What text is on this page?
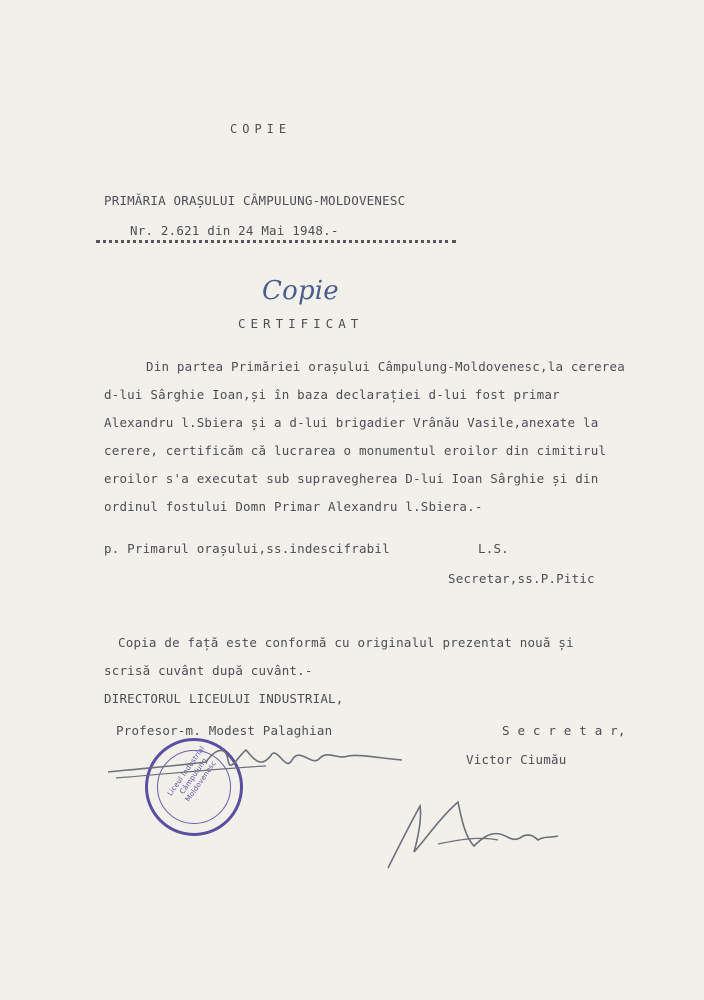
COPIE
PRIMĂRIA ORAȘULUI CÂMPULUNG-MOLDOVENESC
Nr. 2.621 din 24 Mai 1948.-
Copie
CERTIFICAT
Din partea Primăriei orașului Câmpulung-Moldovenesc,la cererea
d-lui Sârghie Ioan,și în baza declarației d-lui fost primar
Alexandru l.Sbiera și a d-lui brigadier Vrânău Vasile,anexate la
cerere, certificăm că lucrarea o monumentul eroilor din cimitirul
eroilor s'a executat sub supravegherea D-lui Ioan Sârghie și din
ordinul fostului Domn Primar Alexandru l.Sbiera.-
p. Primarul orașului,ss.indescifrabil	L.S.
Secretar,ss.P.Pitic
Copia de față este conformă cu originalul prezentat nouă și
scrisă cuvânt după cuvânt.-
DIRECTORUL LICEULUI INDUSTRIAL,
Profesor-m. Modest Palaghian	S e c r e t a r,
Victor Ciumău
Liceul Industrial Câmpulung Moldovenesc
